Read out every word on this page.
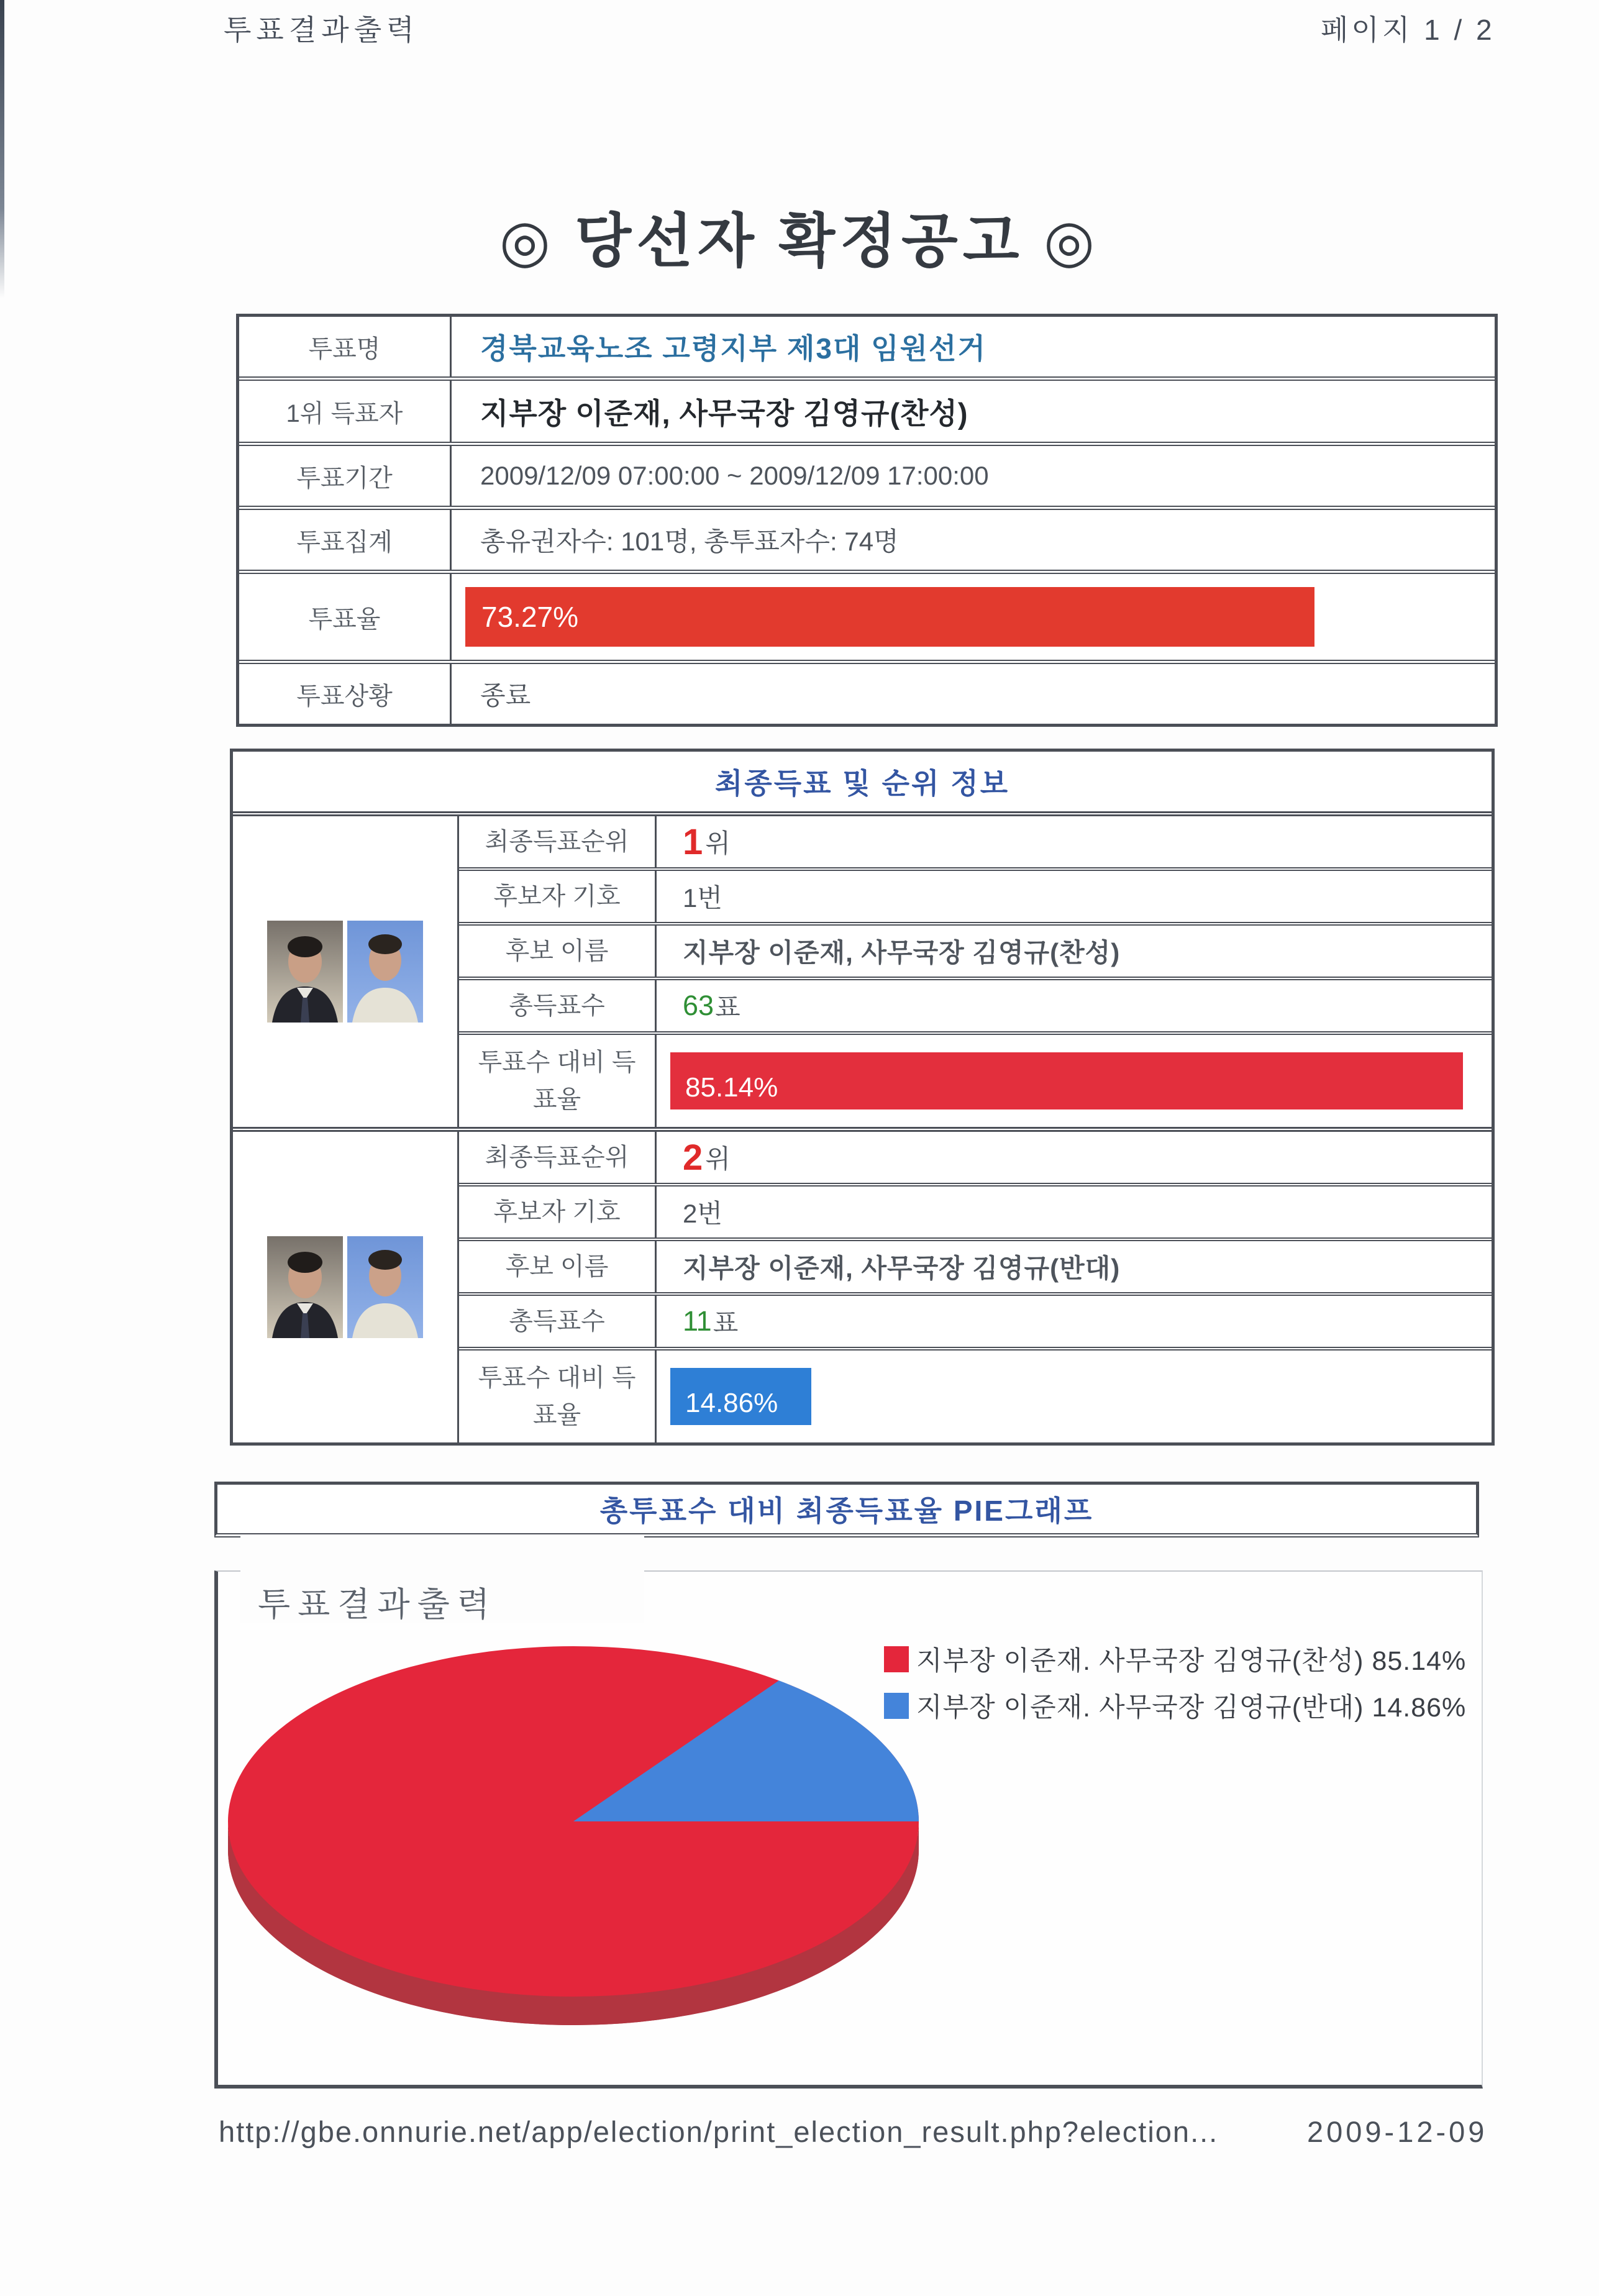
투표결과출력	페이지 1 / 2
◎ 당선자 확정공고 ◎
투표명	경북교육노조 고령지부 제3대 임원선거
1위 득표자	지부장 이준재, 사무국장 김영규(찬성)
투표기간	2009/12/09 07:00:00 ~ 2009/12/09 17:00:00
투표집계	총유권자수: 101명, 총투표자수: 74명
투표율	73.27%
투표상황	종료
최종득표 및 순위 정보
최종득표순위	1 위
후보자 기호	1번
후보 이름	지부장 이준재, 사무국장 김영규(찬성)
총득표수	63 표
투표수 대비 득표율	85.14%
최종득표순위	2 위
후보자 기호	2번
후보 이름	지부장 이준재, 사무국장 김영규(반대)
총득표수	11 표
투표수 대비 득표율	14.86%
총투표수 대비 최종득표율 PIE그래프
투표결과출력
지부장 이준재. 사무국장 김영규(찬성) 85.14%
지부장 이준재. 사무국장 김영규(반대) 14.86%
http://gbe.onnurie.net/app/election/print_election_result.php?election...	2009-12-09
